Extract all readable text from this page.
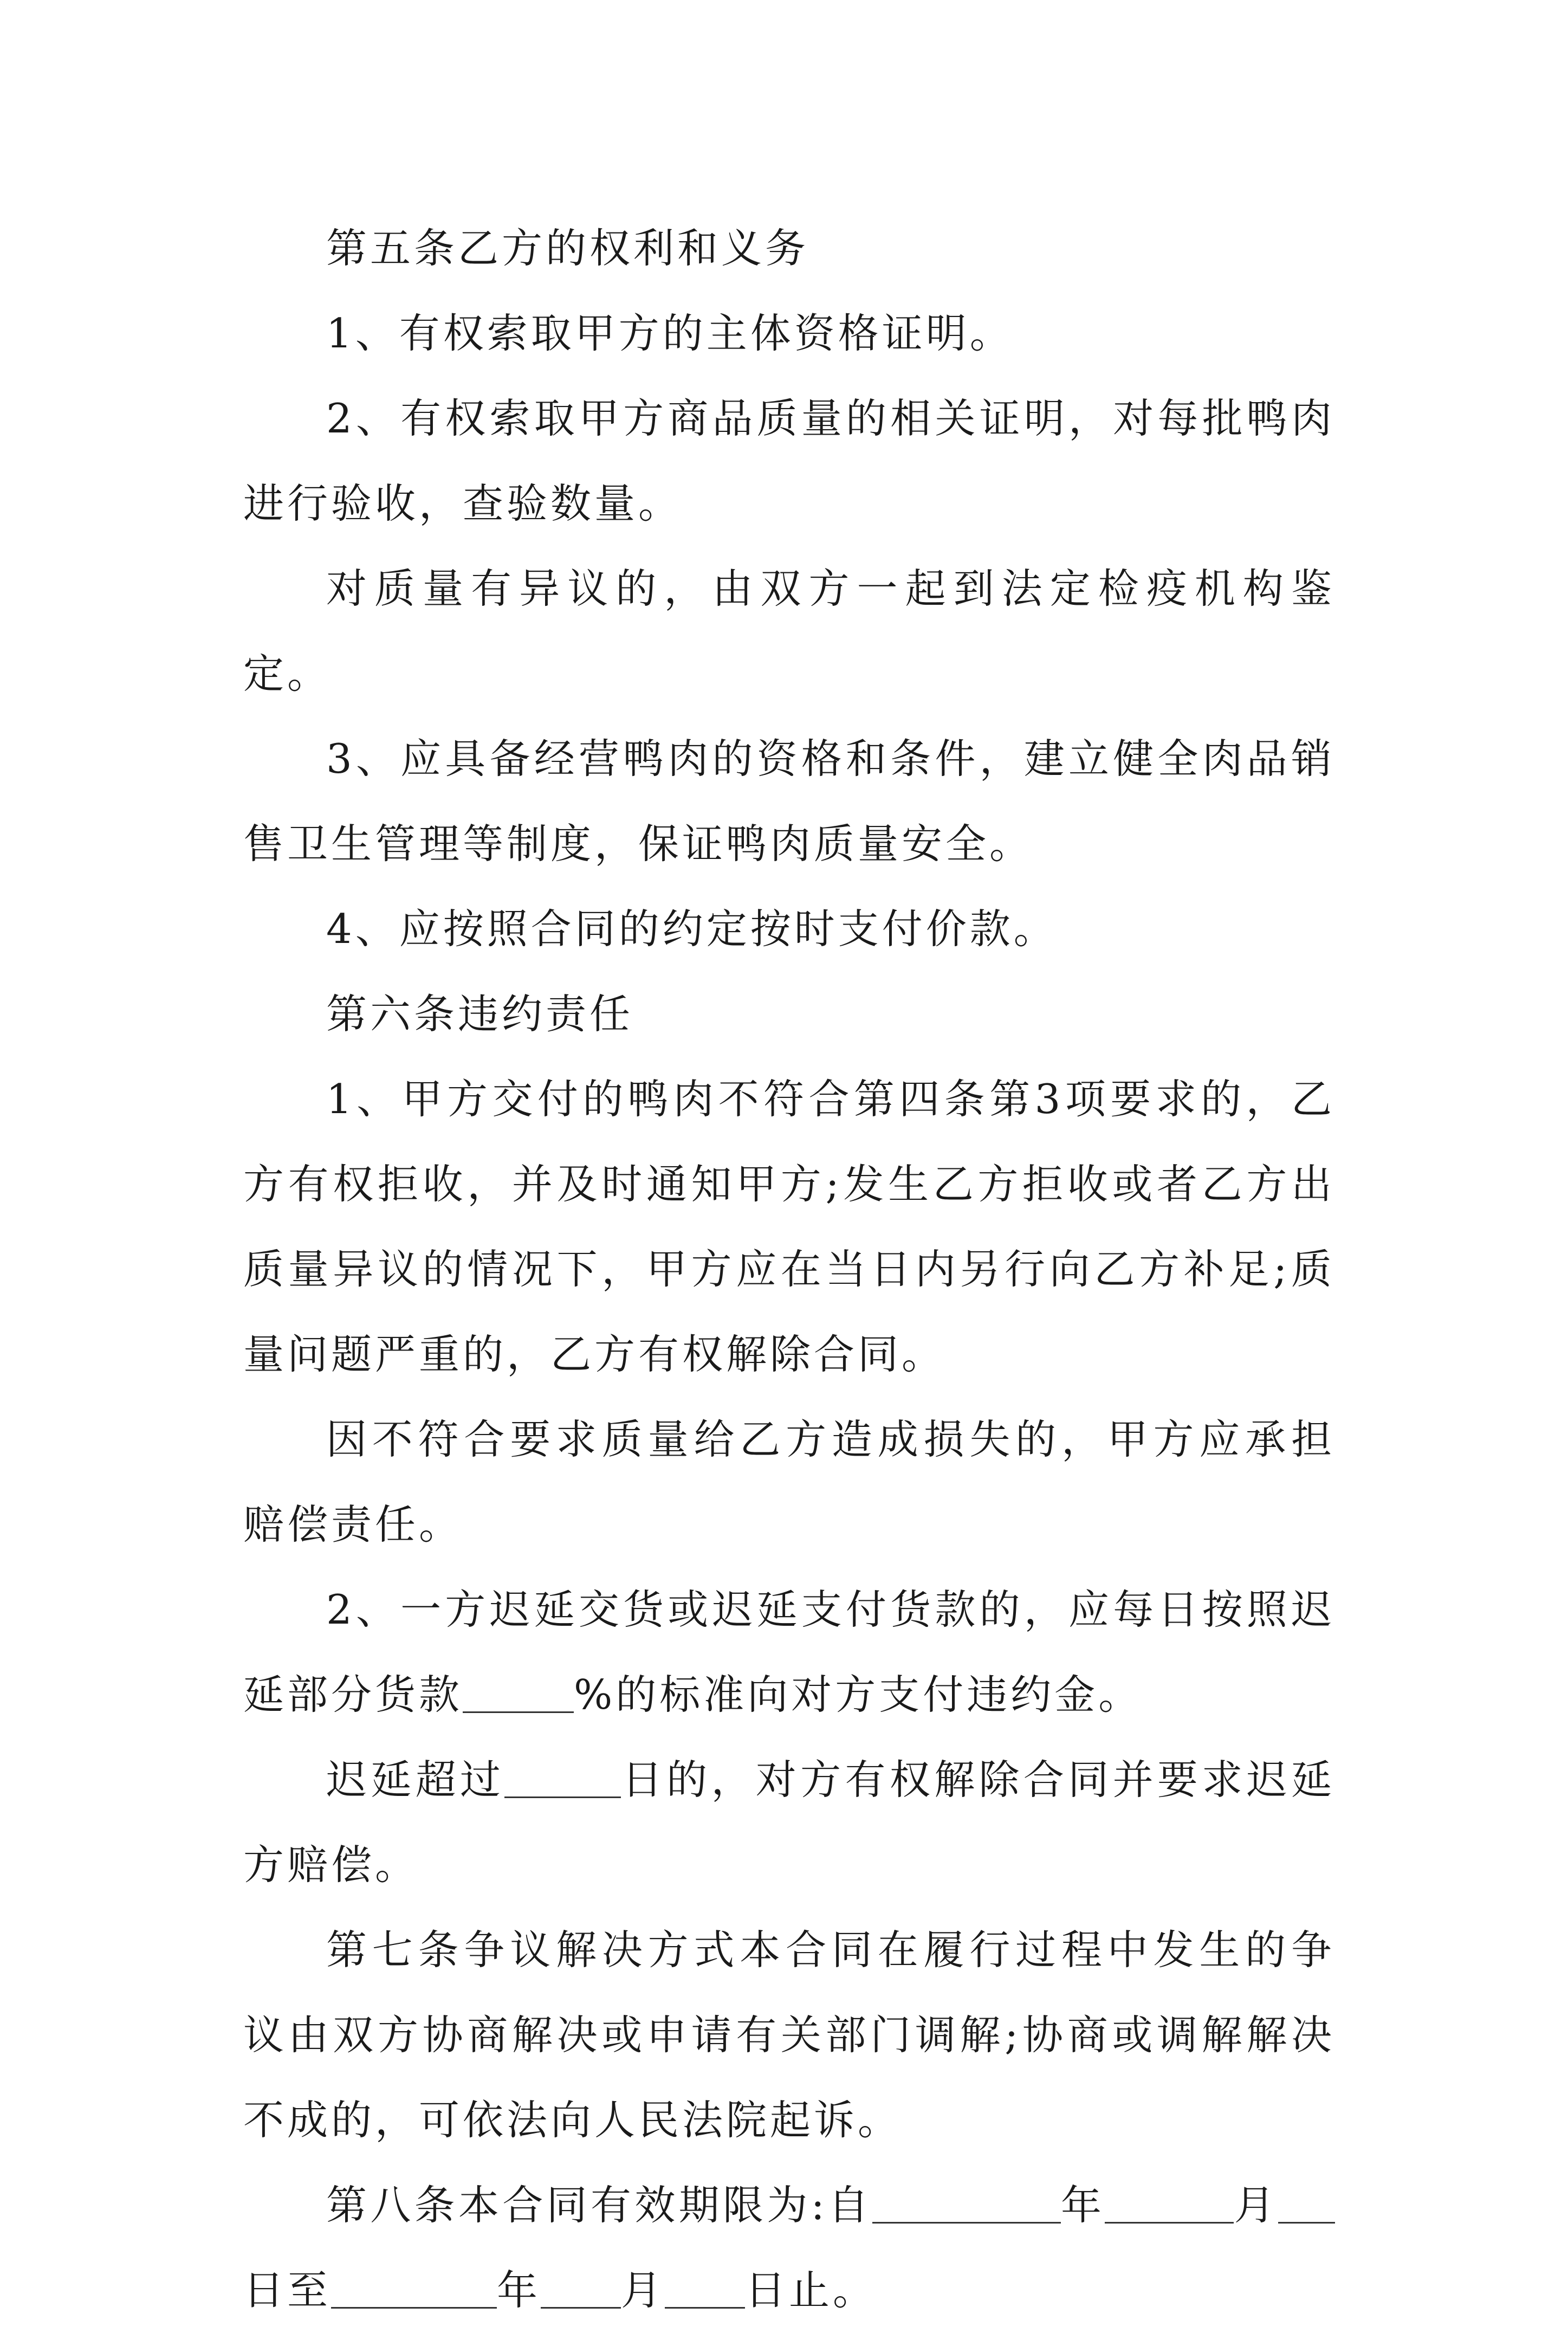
第五条乙方的权利和义务

1、有权索取甲方的主体资格证明。

2、有权索取甲方商品质量的相关证明，对每批鸭肉进行验收，查验数量。

对质量有异议的，由双方一起到法定检疫机构鉴定。

3、应具备经营鸭肉的资格和条件，建立健全肉品销售卫生管理等制度，保证鸭肉质量安全。

4、应按照合同的约定按时支付价款。

第六条违约责任

1、甲方交付的鸭肉不符合第四条第3项要求的，乙方有权拒收，并及时通知甲方;发生乙方拒收或者乙方出质量异议的情况下，甲方应在当日内另行向乙方补足;质量问题严重的，乙方有权解除合同。

因不符合要求质量给乙方造成损失的，甲方应承担赔偿责任。

2、一方迟延交货或迟延支付货款的，应每日按照迟延部分货款	%的标准向对方支付违约金。

迟延超过	日的，对方有权解除合同并要求迟延方赔偿。

第七条争议解决方式本合同在履行过程中发生的争议由双方协商解决或申请有关部门调解;协商或调解解决不成的，可依法向人民法院起诉。

第八条本合同有效期限为:自	年	月日至	年 月 日止。
